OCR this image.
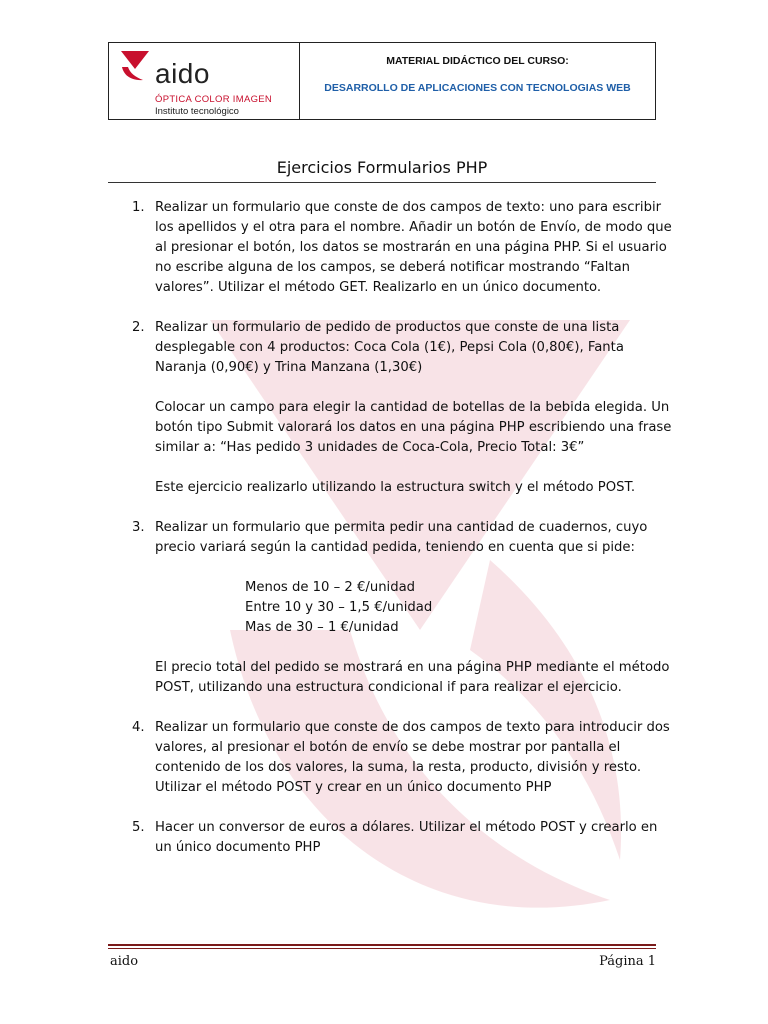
aido
ÓPTICA COLOR IMAGEN
Instituto tecnológico
MATERIAL DIDÁCTICO DEL CURSO:
DESARROLLO DE APLICACIONES CON TECNOLOGIAS WEB
Ejercicios Formularios PHP
1. Realizar un formulario que conste de dos campos de texto: uno para escribir los apellidos y el otra para el nombre. Añadir un botón de Envío, de modo que al presionar el botón, los datos se mostrarán en una página PHP. Si el usuario no escribe alguna de los campos, se deberá notificar mostrando “Faltan valores”. Utilizar el método GET. Realizarlo en un único documento.

2. Realizar un formulario de pedido de productos que conste de una lista desplegable con 4 productos: Coca Cola (1€), Pepsi Cola (0,80€), Fanta Naranja (0,90€) y Trina Manzana (1,30€)

Colocar un campo para elegir la cantidad de botellas de la bebida elegida. Un botón tipo Submit valorará los datos en una página PHP escribiendo una frase similar a: “Has pedido 3 unidades de Coca-Cola, Precio Total: 3€”

Este ejercicio realizarlo utilizando la estructura switch y el método POST.

3. Realizar un formulario que permita pedir una cantidad de cuadernos, cuyo precio variará según la cantidad pedida, teniendo en cuenta que si pide:

Menos de 10 – 2 €/unidad
Entre 10 y 30 – 1,5 €/unidad
Mas de 30 – 1 €/unidad

El precio total del pedido se mostrará en una página PHP mediante el método POST, utilizando una estructura condicional if para realizar el ejercicio.

4. Realizar un formulario que conste de dos campos de texto para introducir dos valores, al presionar el botón de envío se debe mostrar por pantalla el contenido de los dos valores, la suma, la resta, producto, división y resto. Utilizar el método POST y crear en un único documento PHP

5. Hacer un conversor de euros a dólares. Utilizar el método POST y crearlo en un único documento PHP

aido	Página 1
